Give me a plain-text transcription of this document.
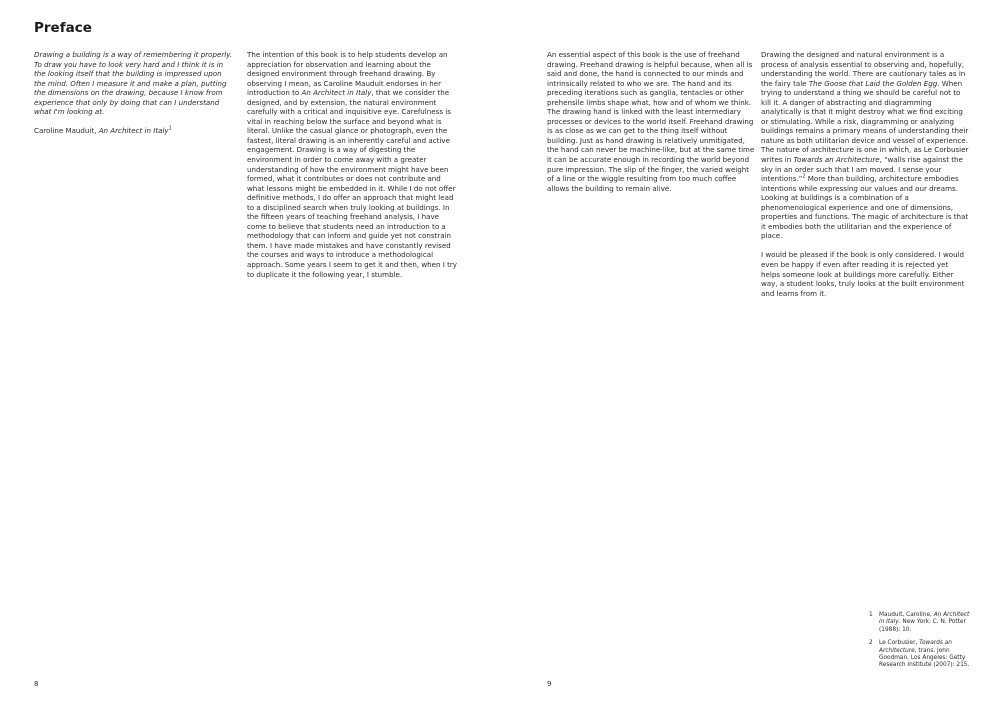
Preface

Drawing a building is a way of remembering it properly. To draw you have to look very hard and I think it is in the looking itself that the building is impressed upon the mind. Often I measure it and make a plan, putting the dimensions on the drawing, because I know from experience that only by doing that can I understand what I'm looking at.

Caroline Mauduit, An Architect in Italy$^1$

The intention of this book is to help students develop an appreciation for observation and learning about the designed environment through freehand drawing. By observing I mean, as Caroline Mauduit endorses in her introduction to An Architect in Italy, that we consider the designed, and by extension, the natural environment carefully with a critical and inquisitive eye. Carefulness is vital in reaching below the surface and beyond what is literal. Unlike the casual glance or photograph, even the fastest, literal drawing is an inherently careful and active engagement. Drawing is a way of digesting the environment in order to come away with a greater understanding of how the environment might have been formed, what it contributes or does not contribute and what lessons might be embedded in it. While I do not offer definitive methods, I do offer an approach that might lead to a disciplined search when truly looking at buildings. In the fifteen years of teaching freehand analysis, I have come to believe that students need an introduction to a methodology that can inform and guide yet not constrain them. I have made mistakes and have constantly revised the courses and ways to introduce a methodological approach. Some years I seem to get it and then, when I try to duplicate it the following year, I stumble.

8

An essential aspect of this book is the use of freehand drawing. Freehand drawing is helpful because, when all is said and done, the hand is connected to our minds and intrinsically related to who we are. The hand and its preceding iterations such as ganglia, tentacles or other prehensile limbs shape what, how and of whom we think. The drawing hand is linked with the least intermediary processes or devices to the world itself. Freehand drawing is as close as we can get to the thing itself without building. Just as hand drawing is relatively unmitigated, the hand can never be machine-like, but at the same time it can be accurate enough in recording the world beyond pure impression. The slip of the finger, the varied weight of a line or the wiggle resulting from too much coffee allows the building to remain alive.

Drawing the designed and natural environment is a process of analysis essential to observing and, hopefully, understanding the world. There are cautionary tales as in the fairy tale The Goose that Laid the Golden Egg. When trying to understand a thing we should be careful not to kill it. A danger of abstracting and diagramming analytically is that it might destroy what we find exciting or stimulating. While a risk, diagramming or analyzing buildings remains a primary means of understanding their nature as both utilitarian device and vessel of experience. The nature of architecture is one in which, as Le Corbusier writes in Towards an Architecture, “walls rise against the sky in an order such that I am moved. I sense your intentions.”$^2$ More than building, architecture embodies intentions while expressing our values and our dreams. Looking at buildings is a combination of a phenomenological experience and one of dimensions, properties and functions. The magic of architecture is that it embodies both the utilitarian and the experience of place.

I would be pleased if the book is only considered. I would even be happy if even after reading it is rejected yet helps someone look at buildings more carefully. Either way, a student looks, truly looks at the built environment and learns from it.

1	Mauduit, Caroline, An Architect in Italy. New York: C. N. Potter (1988): 10.
2	Le Corbusier, Towards an Architecture, trans. John Goodman. Los Angeles: Getty Research Institute (2007): 215.
9
